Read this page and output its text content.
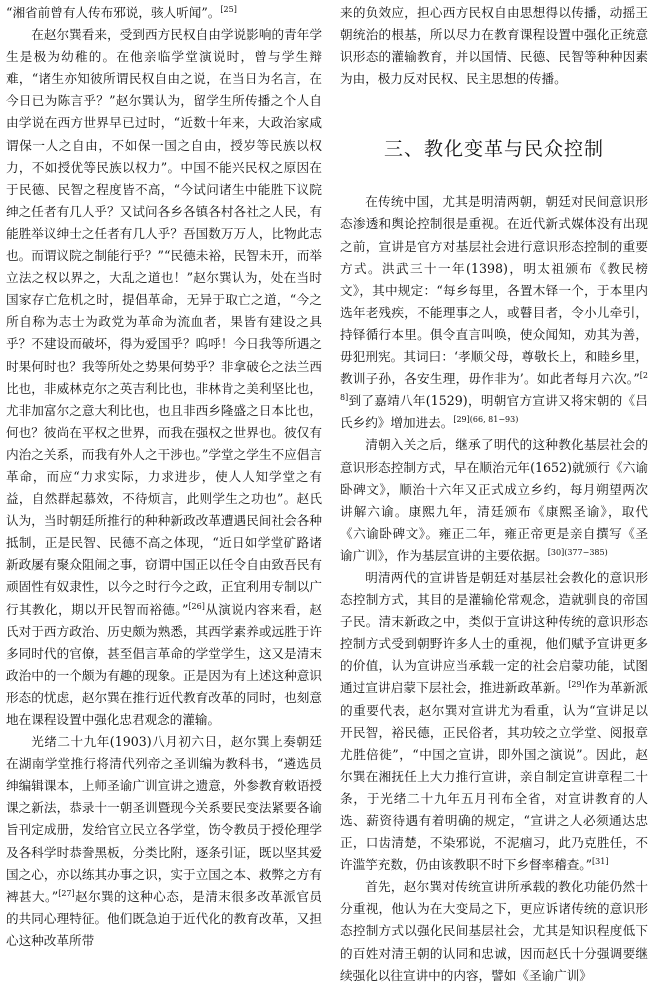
“湘省前曾有人传布邪说，骇人听闻”。[25]

在赵尔巽看来，受到西方民权自由学说影响的青年学生是极为幼稚的。在他亲临学堂演说时，曾与学生辩难，“诸生亦知彼所谓民权自由之说，在当日为名言，在今日已为陈言乎？”赵尔巽认为，留学生所传播之个人自由学说在西方世界早已过时，“近数十年来，大政治家咸谓保一人之自由，不如保一国之自由，授岁等民族以权力，不如授优等民族以权力”。中国不能兴民权之原因在于民德、民智之程度皆不高，“今试问诸生中能胜下议院绅之任者有几人乎？又试问各乡各镇各村各社之人民，有能胜举议绅士之任者有几人乎？吾国数万万人，比物此志也。而谓议院之制能行乎？”“民德未裕，民智未开，而举立法之权以界之，大乱之道也！”赵尔巽认为，处在当时国家存亡危机之时，提倡革命，无异于取亡之道，“今之所自称为志士为政党为革命为流血者，果皆有建设之具乎？不建设而破坏，得为爱国乎？呜呼！今日我等所遇之时果何时也？我等所处之势果何势乎？非拿破仑之法兰西比也，非威林克尔之英吉利比也，非林肯之美利坚比也，尤非加富尔之意大利比也，也且非西乡隆盛之日本比也，何也？彼尚在平权之世界，而我在强权之世界也。彼仅有内治之关系，而我有外人之干涉也。”学堂之学生不应倡言革命，而应“力求实际，力求进步，使人人知学堂之有益，自然群起慕效，不待烦言，此则学生之功也”。赵氏认为，当时朝廷所推行的种种新政改革遭遇民间社会各种抵制，正是民智、民德不高之体现，“近日如学堂矿路诸新政屡有聚众阻闹之事，窃谓中国正以任令自由致吾民有顽固性有奴隶性，以今之时行今之政，正宜利用专制以广行其教化，期以开民智而裕德。”[26]从演说内容来看，赵氏对于西方政治、历史颇为熟悉，其西学素养或远胜于许多同时代的官僚，甚至倡言革命的学堂学生，这又是清末政治中的一个颇为有趣的现象。正是因为有上述这种意识形态的忧虑，赵尔巽在推行近代教育改革的同时，也刻意地在课程设置中强化忠君观念的灌输。

光绪二十九年(1903)八月初六日，赵尔巽上奏朝廷在湖南学堂推行将清代列帝之圣训编为教科书，“遴选员绅编辑课本，上师圣谕广训宣讲之遗意，外参教育敕语授课之新法，恭录十一朝圣训暨现今关系要民变法紧要各谕旨刊定成册，发给官立民立各学堂，饬令教员于授伦理学及各科学时恭誊黑板，分类比附，逐条引证，既以坚其爱国之心，亦以练其办事之识，实于立国之本、救弊之方有裨甚大。”[27]赵尔巽的这种心态，是清末很多改革派官员的共同心理特征。他们既急迫于近代化的教育改革，又担心这种改革所带

来的负效应，担心西方民权自由思想得以传播，动摇王朝统治的根基，所以尽力在教育课程设置中强化正统意识形态的灌输教育，并以国情、民德、民智等种种因素为由，极力反对民权、民主思想的传播。

三、教化变革与民众控制

在传统中国，尤其是明清两朝，朝廷对民间意识形态渗透和舆论控制很是重视。在近代新式媒体没有出现之前，宣讲是官方对基层社会进行意识形态控制的重要方式。洪武三十一年(1398)，明太祖颁布《教民榜文》，其中规定：“每乡每里，各置木铎一个，于本里内选年老残疾，不能理事之人，或瞽目者，令小儿牵引，持铎循行本里。俱令直言叫唤，使众闻知，劝其为善，毋犯刑宪。其词曰：‘孝顺父母，尊敬长上，和睦乡里，教训子孙，各安生理，毋作非为’。如此者每月六次。”[28]到了嘉靖八年(1529)，明朝官方宣讲又将宋朝的《吕氏乡约》增加进去。$^{[29](66, 81-93)}$

清朝入关之后，继承了明代的这种教化基层社会的意识形态控制方式，早在顺治元年(1652)就颁行《六谕卧碑文》，顺治十六年又正式成立乡约，每月朔望两次讲解六谕。康熙九年，清廷颁布《康熙圣谕》，取代《六谕卧碑文》。雍正二年，雍正帝更是亲自撰写《圣谕广训》，作为基层宣讲的主要依据。$^{[30](377-385)}$

明清两代的宣讲皆是朝廷对基层社会教化的意识形态控制方式，其目的是灌输伦常观念，造就驯良的帝国子民。清末新政之中，类似于宣讲这种传统的意识形态控制方式受到朝野许多人士的重视，他们赋予宣讲更多的价值，认为宣讲应当承载一定的社会启蒙功能，试图通过宣讲启蒙下层社会，推进新政革新。[29]作为革新派的重要代表，赵尔巽对宣讲尤为看重，认为“宣讲足以开民智，裕民德，正民俗者，其功较之立学堂、阅报章尤胜倍徙”，“中国之宣讲，即外国之演说”。因此，赵尔巽在湘抚任上大力推行宣讲，亲自制定宣讲章程二十条，于光绪二十九年五月刊布全省，对宣讲教育的人选、薪资待遇有着明确的规定，“宣讲之人必须通达忠正，口齿清楚，不染邪说，不泥痼习，此乃克胜任，不许滥竽充数，仍由该教职不时下乡督率稽查。”[31]

首先，赵尔巽对传统宣讲所承载的教化功能仍然十分重视，他认为在大变局之下，更应诉诸传统的意识形态控制方式以强化民间基层社会，尤其是知识程度低下的百姓对清王朝的认同和忠诚，因而赵氏十分强调要继续强化以往宣讲中的内容，譬如《圣谕广训》
